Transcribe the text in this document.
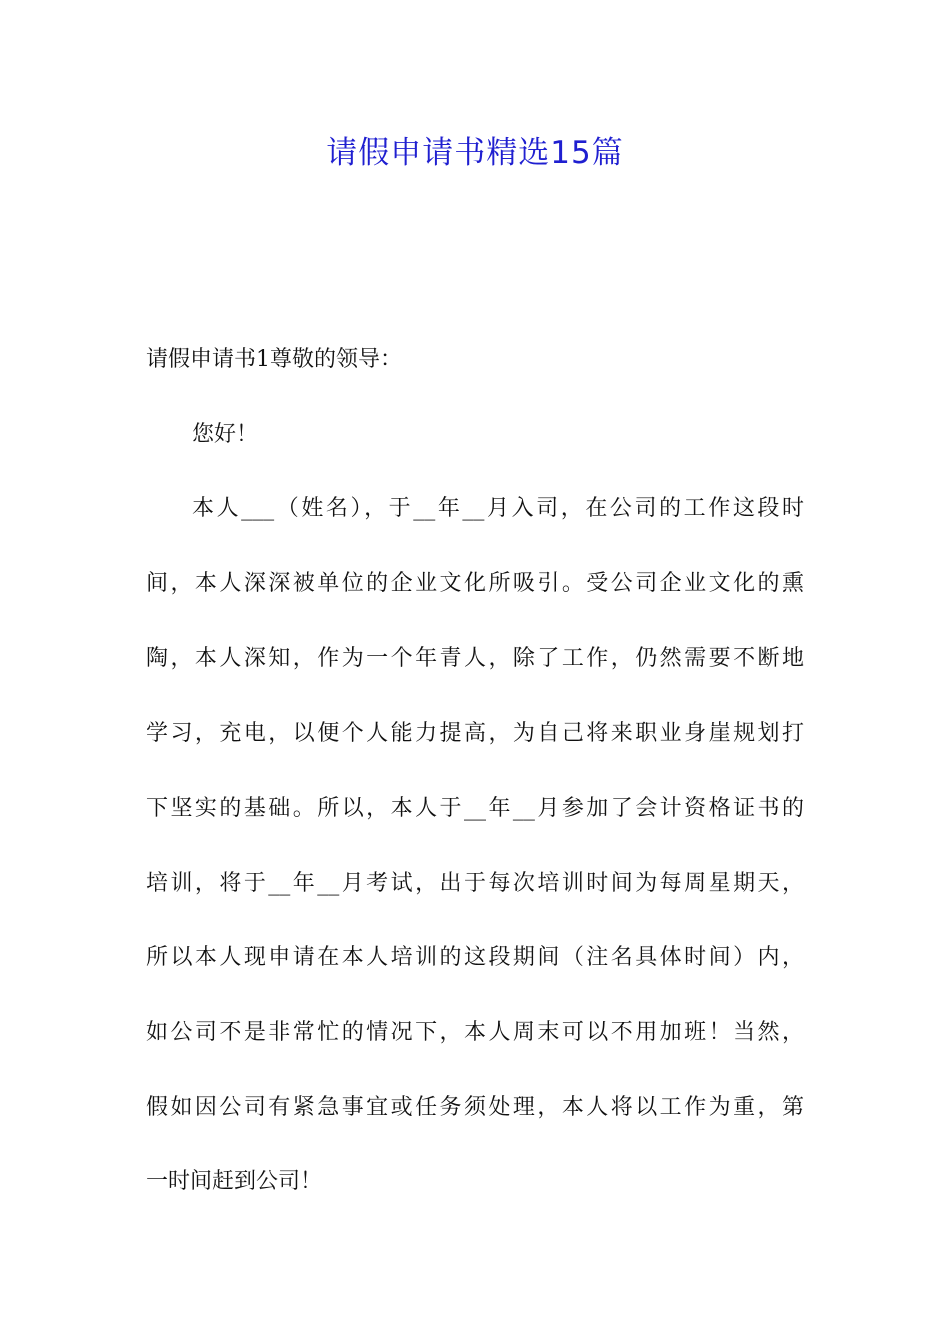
请假申请书精选15篇
请假申请书1尊敬的领导：
您好！
本人___（姓名），于__年__月入司，在公司的工作这段时
间，本人深深被单位的企业文化所吸引。受公司企业文化的熏
陶，本人深知，作为一个年青人，除了工作，仍然需要不断地
学习，充电，以便个人能力提高，为自己将来职业身崖规划打
下坚实的基础。所以，本人于__年__月参加了会计资格证书的
培训，将于__年__月考试，出于每次培训时间为每周星期天，
所以本人现申请在本人培训的这段期间（注名具体时间）内，
如公司不是非常忙的情况下，本人周末可以不用加班！当然，
假如因公司有紧急事宜或任务须处理，本人将以工作为重，第
一时间赶到公司！
